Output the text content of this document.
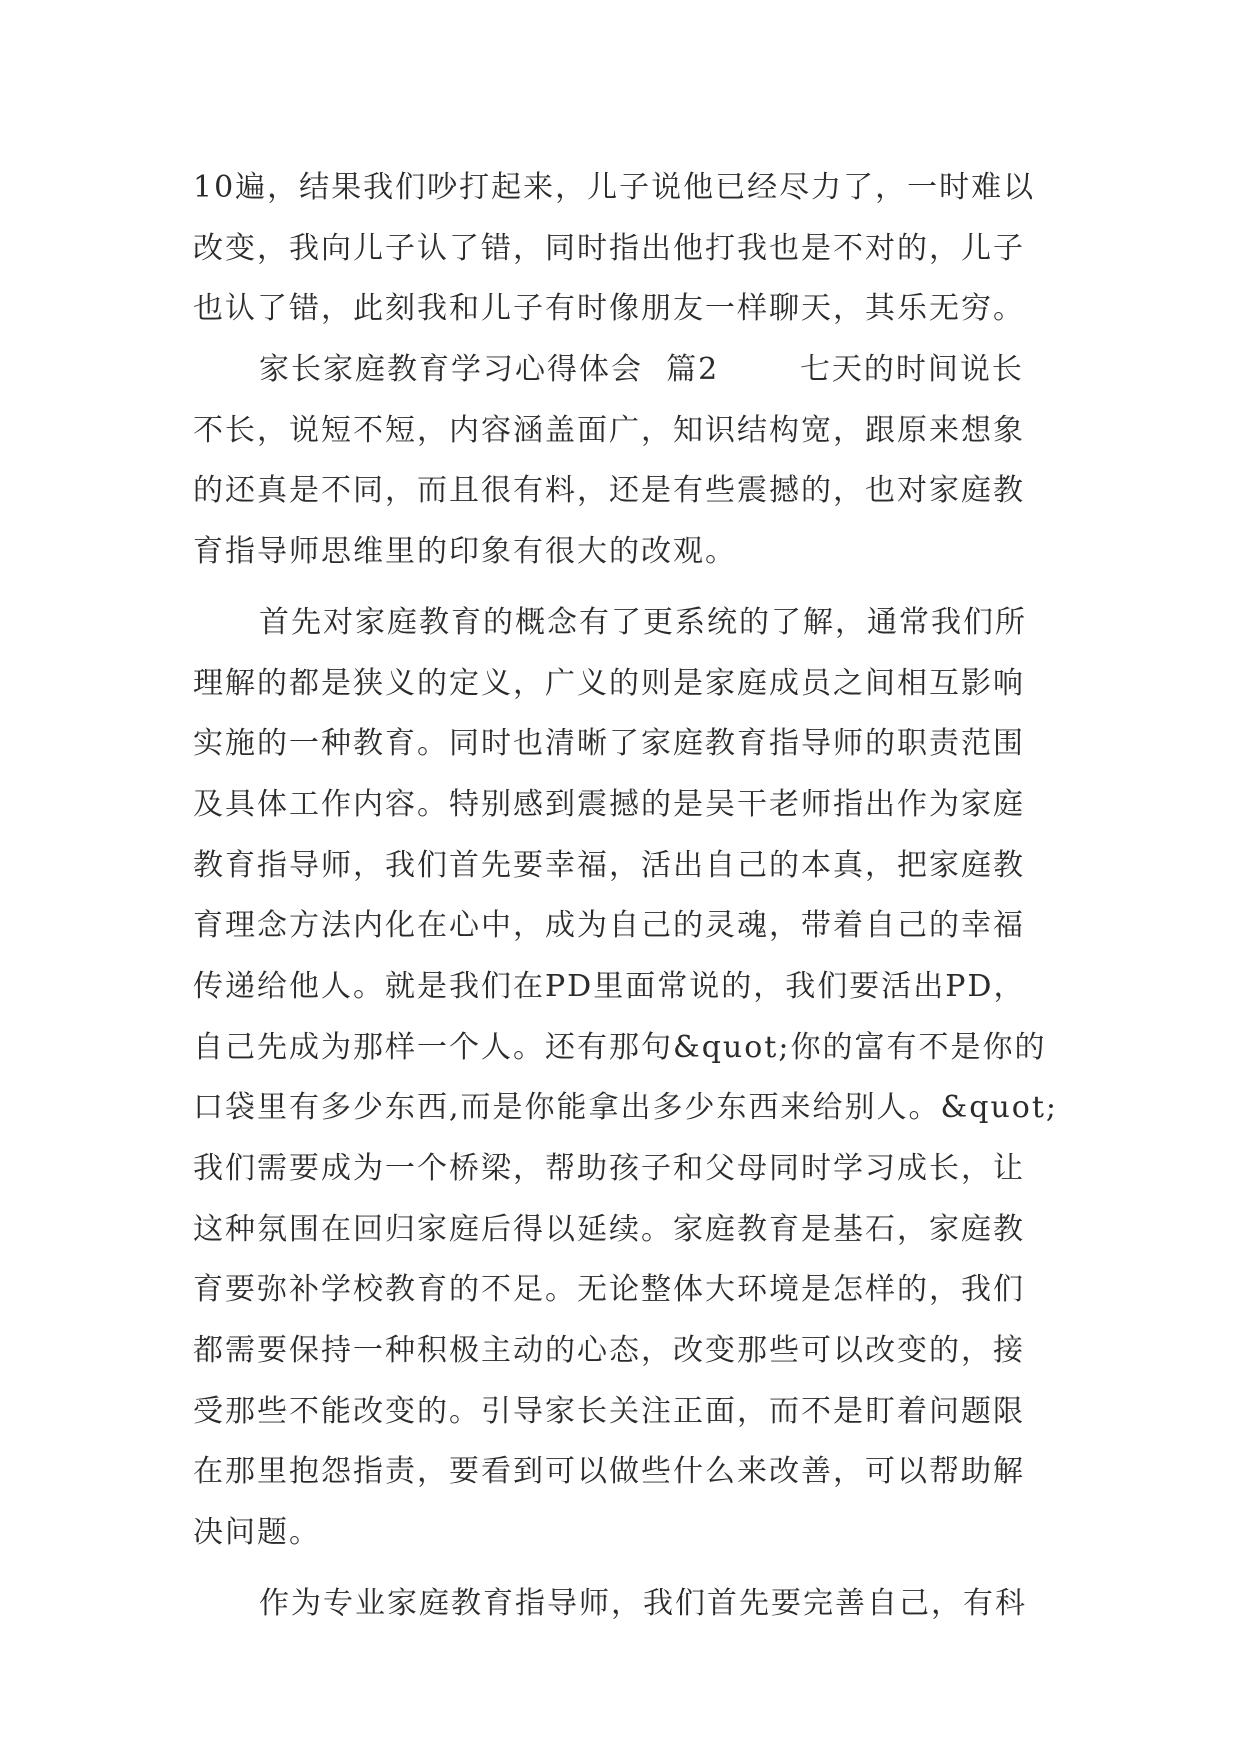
10遍，结果我们吵打起来，儿子说他已经尽力了，一时难以
改变，我向儿子认了错，同时指出他打我也是不对的，儿子
也认了错，此刻我和儿子有时像朋友一样聊天，其乐无穷。
家长家庭教育学习心得体会  篇2       七天的时间说长
不长，说短不短，内容涵盖面广，知识结构宽，跟原来想象
的还真是不同，而且很有料，还是有些震撼的，也对家庭教
育指导师思维里的印象有很大的改观。
首先对家庭教育的概念有了更系统的了解，通常我们所
理解的都是狭义的定义，广义的则是家庭成员之间相互影响
实施的一种教育。同时也清晰了家庭教育指导师的职责范围
及具体工作内容。特别感到震撼的是吴干老师指出作为家庭
教育指导师，我们首先要幸福，活出自己的本真，把家庭教
育理念方法内化在心中，成为自己的灵魂，带着自己的幸福
传递给他人。就是我们在PD里面常说的，我们要活出PD，
自己先成为那样一个人。还有那句&quot;你的富有不是你的
口袋里有多少东西,而是你能拿出多少东西来给别人。&quot;
我们需要成为一个桥梁，帮助孩子和父母同时学习成长，让
这种氛围在回归家庭后得以延续。家庭教育是基石，家庭教
育要弥补学校教育的不足。无论整体大环境是怎样的，我们
都需要保持一种积极主动的心态，改变那些可以改变的，接
受那些不能改变的。引导家长关注正面，而不是盯着问题限
在那里抱怨指责，要看到可以做些什么来改善，可以帮助解
决问题。
作为专业家庭教育指导师，我们首先要完善自己，有科
